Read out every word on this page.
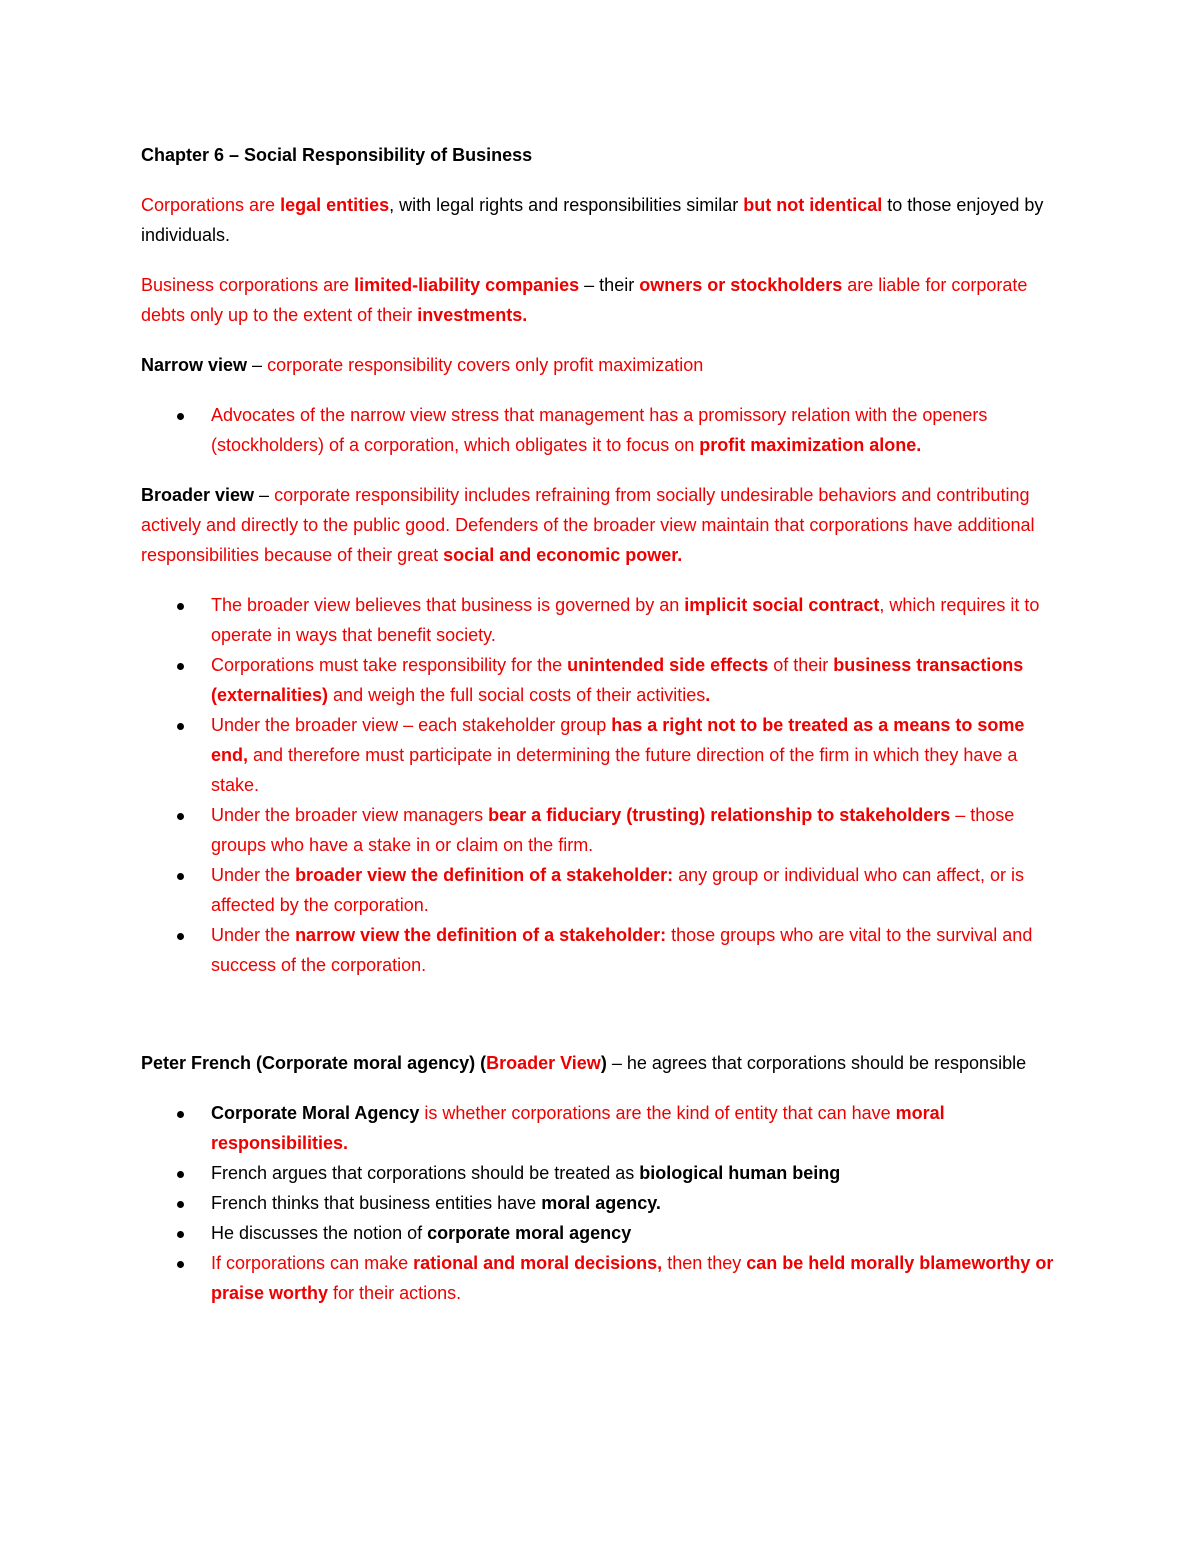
Chapter 6 – Social Responsibility of Business

Corporations are legal entities, with legal rights and responsibilities similar but not identical to those enjoyed by individuals.

Business corporations are limited-liability companies – their owners or stockholders are liable for corporate debts only up to the extent of their investments.

Narrow view – corporate responsibility covers only profit maximization

Advocates of the narrow view stress that management has a promissory relation with the openers (stockholders) of a corporation, which obligates it to focus on profit maximization alone.

Broader view – corporate responsibility includes refraining from socially undesirable behaviors and contributing actively and directly to the public good. Defenders of the broader view maintain that corporations have additional responsibilities because of their great social and economic power.

The broader view believes that business is governed by an implicit social contract, which requires it to operate in ways that benefit society.
Corporations must take responsibility for the unintended side effects of their business transactions (externalities) and weigh the full social costs of their activities.
Under the broader view – each stakeholder group has a right not to be treated as a means to some end, and therefore must participate in determining the future direction of the firm in which they have a stake.
Under the broader view managers bear a fiduciary (trusting) relationship to stakeholders – those groups who have a stake in or claim on the firm.
Under the broader view the definition of a stakeholder: any group or individual who can affect, or is affected by the corporation.
Under the narrow view the definition of a stakeholder: those groups who are vital to the survival and success of the corporation.

Peter French (Corporate moral agency) (Broader View) – he agrees that corporations should be responsible

Corporate Moral Agency is whether corporations are the kind of entity that can have moral responsibilities.
French argues that corporations should be treated as biological human being
French thinks that business entities have moral agency.
He discusses the notion of corporate moral agency
If corporations can make rational and moral decisions, then they can be held morally blameworthy or praise worthy for their actions.
